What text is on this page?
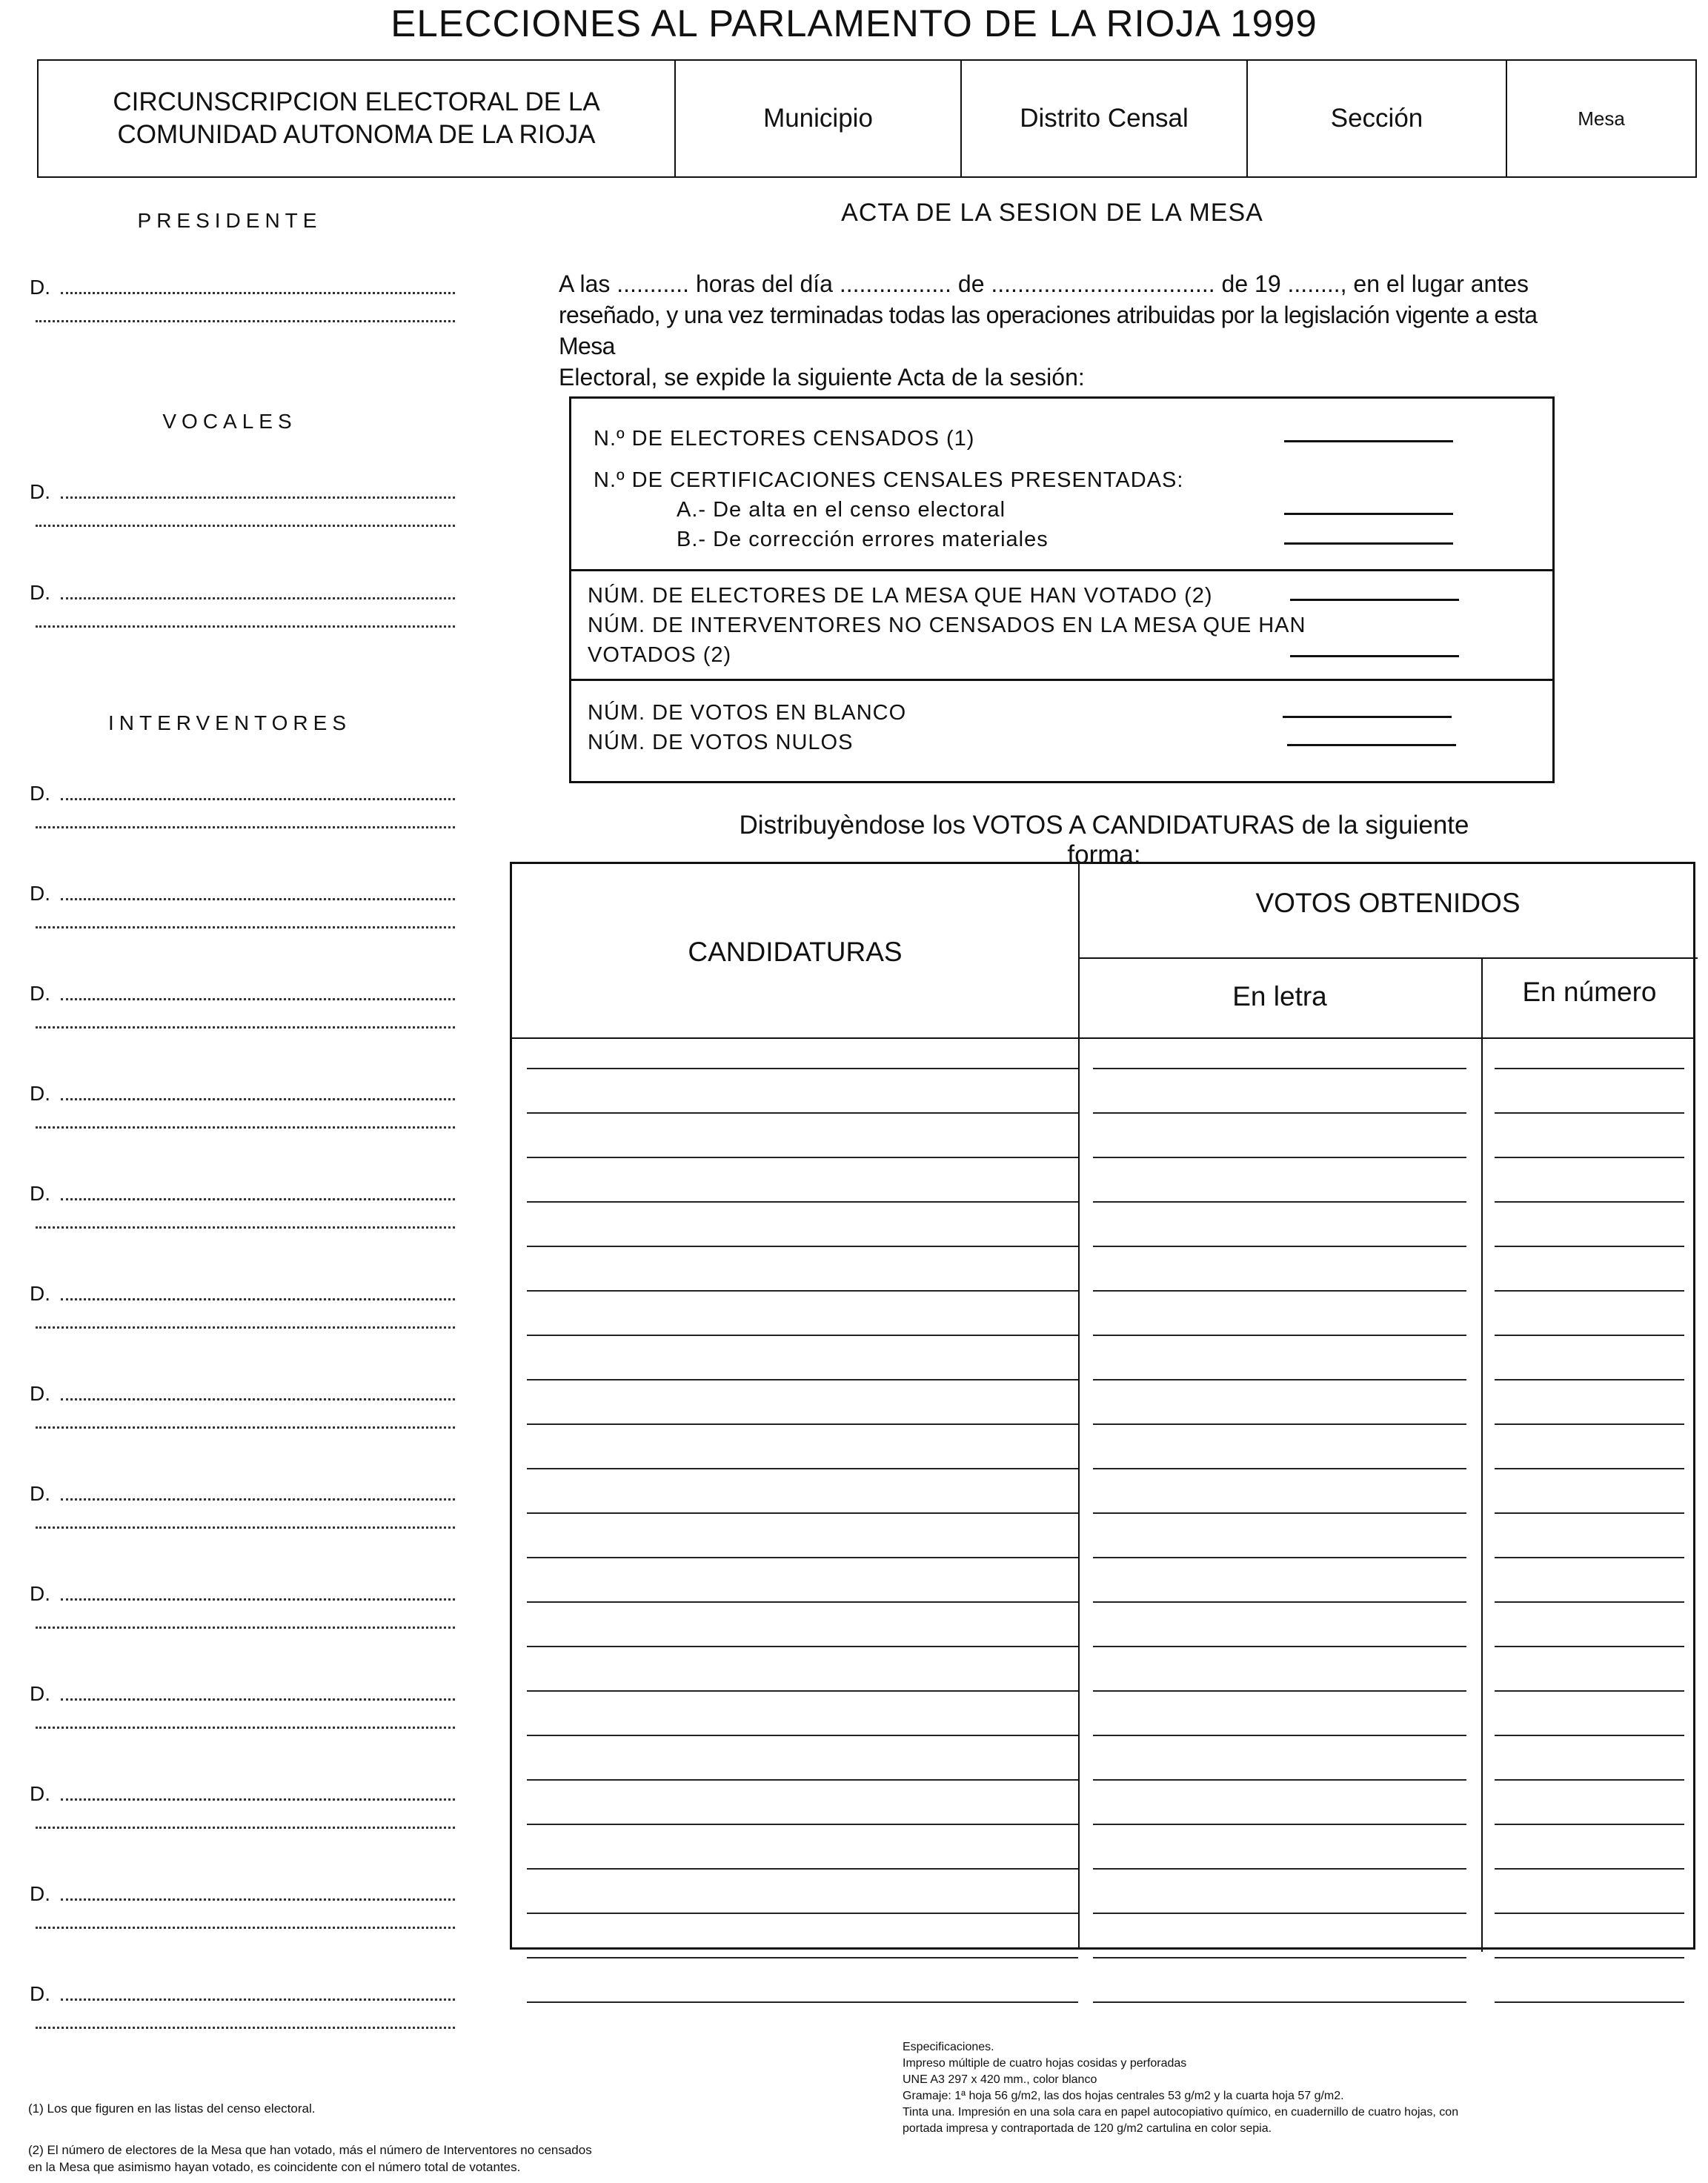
ELECCIONES AL PARLAMENTO DE LA RIOJA 1999
CIRCUNSCRIPCION ELECTORAL DE LA COMUNIDAD AUTONOMA DE LA RIOJA
Municipio	Distrito Censal	Sección	Mesa
PRESIDENTE
VOCALES
INTERVENTORES
D.
D.
D.
D.
D.
D.
D.
D.
D.
D.
D.
D.
D.
D.
D.
D.
ACTA DE LA SESION DE LA MESA
A las ........... horas del día ................. de .................................. de 19 ........, en el lugar antes
reseñado, y una vez terminadas todas las operaciones atribuidas por la legislación vigente a esta Mesa
Electoral, se expide la siguiente Acta de la sesión:
N.º DE ELECTORES CENSADOS (1)
N.º DE CERTIFICACIONES CENSALES PRESENTADAS:
A.- De alta en el censo electoral
B.- De corrección errores materiales
NÚM. DE ELECTORES DE LA MESA QUE HAN VOTADO (2)
NÚM. DE INTERVENTORES NO CENSADOS EN LA MESA QUE HAN
VOTADOS (2)
NÚM. DE VOTOS EN BLANCO
NÚM. DE VOTOS NULOS
Distribuyèndose los VOTOS A CANDIDATURAS de la siguiente forma:
CANDIDATURAS
VOTOS OBTENIDOS
En letra	En número
(1) Los que figuren en las listas del censo electoral.
(2) El número de electores de la Mesa que han votado, más el número de Interventores no censados
en la Mesa que asimismo hayan votado, es coincidente con el número total de votantes.
Especificaciones.
Impreso múltiple de cuatro hojas cosidas y perforadas
UNE A3 297 x 420 mm., color blanco
Gramaje: 1ª hoja 56 g/m2, las dos hojas centrales 53 g/m2 y la cuarta hoja 57 g/m2.
Tinta una. Impresión en una sola cara en papel autocopiativo químico, en cuadernillo de cuatro hojas, con
portada impresa y contraportada de 120 g/m2 cartulina en color sepia.
